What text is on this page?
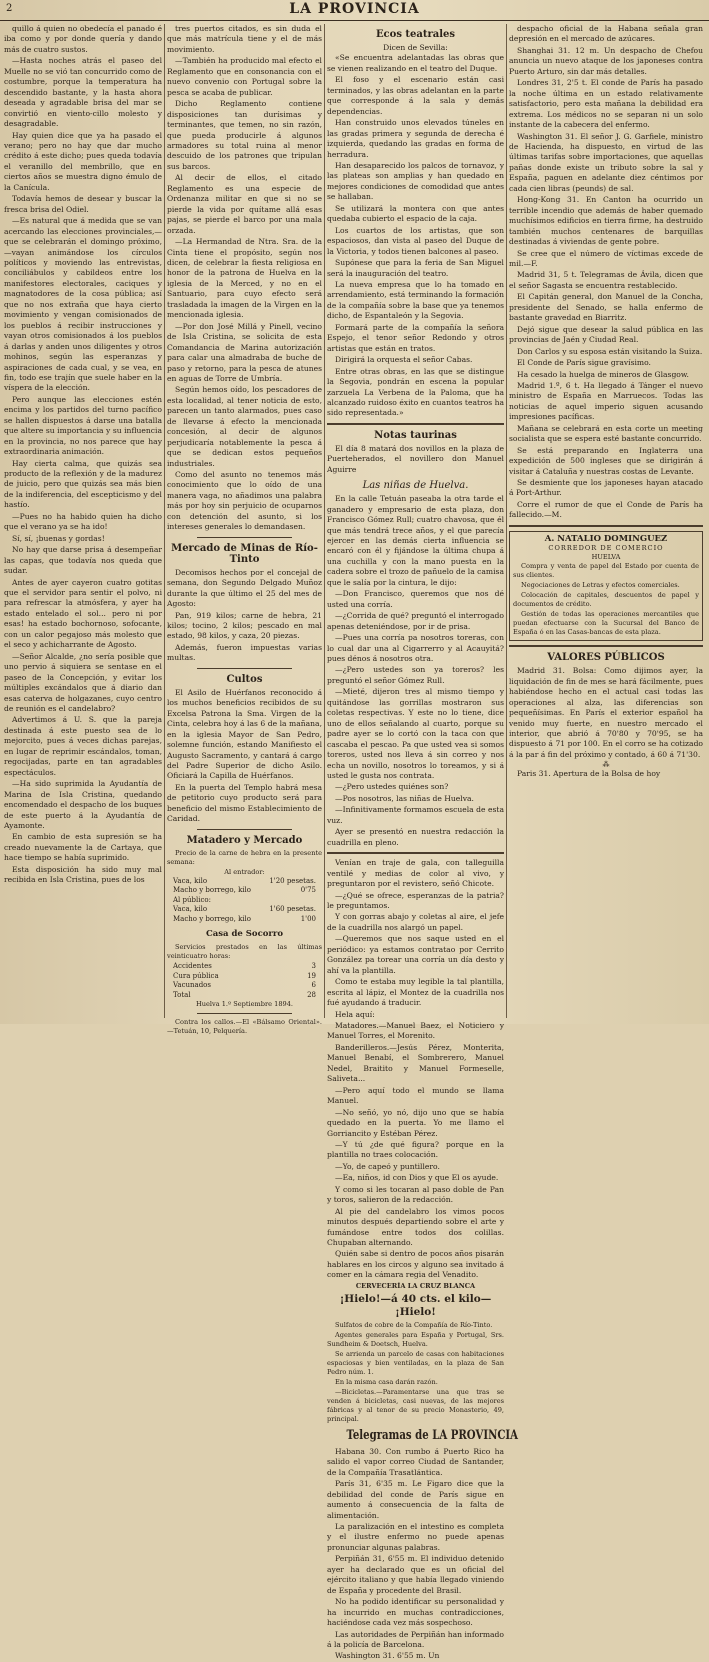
2	LA PROVINCIA

quillo á quien no obedecía el panado é iba como y por donde quería y dando más de cuatro sustos.

—Hasta noches atrás el paseo del Muelle no se vió tan concurrido como de costumbre, porque la temperatura ha descendido bastante, y la hasta ahora deseada y agradable brisa del mar se convirtió en viento-cillo molesto y desagradable.

Hay quien dice que ya ha pasado el verano; pero no hay que dar mucho crédito á este dicho; pues queda todavía el veranillo del membrillo, que en ciertos años se muestra digno émulo de la Canícula.

Todavía hemos de desear y buscar la fresca brisa del Odiel.

—Es natural que á medida que se van acercando las elecciones provinciales,—que se celebrarán el domingo próximo,—vayan animándose los círculos políticos y moviendo las entrevistas, conciliábulos y cabildeos entre los manifestores electorales, caciques y magnatodores de la cosa pública; así que no nos extraña que haya cierto movimiento y vengan comisionados de los pueblos á recibir instrucciones y vayan otros comisionados á los pueblos á darlas y anden unos diligentes y otros mohinos, según las esperanzas y aspiraciones de cada cual, y se vea, en fin, todo ese trajín que suele haber en la víspera de la elección.

Pero aunque las elecciones estén encima y los partidos del turno pacífico se hallen dispuestos á darse una batalla que altere su importancia y su influencia en la provincia, no nos parece que hay extraordinaria animación.

Hay cierta calma, que quizás sea producto de la reflexión y de la madurez de juicio, pero que quizás sea más bien de la indiferencia, del escepticismo y del hastío.

—Pues no ha habido quien ha dicho que el verano ya se ha ido!

Sí, sí, ¡buenas y gordas!

No hay que darse prisa á desempeñar las capas, que todavía nos queda que sudar.

Antes de ayer cayeron cuatro gotitas que el servidor para sentir el polvo, ni para refrescar la atmósfera, y ayer ha estado entelado el sol... pero ni por esas! ha estado bochornoso, sofocante, con un calor pegajoso más molesto que el seco y achicharrante de Agosto.

—Señor Alcalde, ¿no sería posible que uno pervio á siquiera se sentase en el paseo de la Concepción, y evitar los múltiples excándalos que á diario dan esas caterva de holgazanes, cuyo centro de reunión es el candelabro?

Advertimos á U. S. que la pareja destinada á este puesto sea de lo mejorcito, pues á veces dichas parejas, en lugar de reprimir escándalos, toman, regocijadas, parte en tan agradables espectáculos.

—Ha sido suprimida la Ayudantía de Marina de Isla Cristina, quedando encomendado el despacho de los buques de este puerto á la Ayudantía de Ayamonte.

En cambio de esta supresión se ha creado nuevamente la de Cartaya, que hace tiempo se había suprimido.

Esta disposición ha sido muy mal recibida en Isla Cristina, pues de los

tres puertos citados, es sin duda el que más matrícula tiene y el de más movimiento.

—También ha producido mal efecto el Reglamento que en consonancia con el nuevo convenio con Portugal sobre la pesca se acaba de publicar.

Dicho Reglamento contiene disposiciones tan durísimas y terminantes, que temen, no sin razón, que pueda producirle á algunos armadores su total ruina al menor descuido de los patrones que tripulan sus barcos.

Al decir de ellos, el citado Reglamento es una especie de Ordenanza militar en que si no se pierde la vida por quítame allá esas pajas, se pierde el barco por una mala orzada.

—La Hermandad de Ntra. Sra. de la Cinta tiene el propósito, según nos dicen, de celebrar la fiesta religiosa en honor de la patrona de Huelva en la iglesia de la Merced, y no en el Santuario, para cuyo efecto será trasladada la imagen de la Virgen en la mencionada iglesia.

—Por don José Millá y Pinell, vecino de Isla Cristina, se solicita de esta Comandancia de Marina autorización para calar una almadraba de buche de paso y retorno, para la pesca de atunes en aguas de Torre de Umbría.

Según hemos oído, los pescadores de esta localidad, al tener noticia de esto, parecen un tanto alarmados, pues caso de llevarse á efecto la mencionada concesión, al decir de algunos perjudicaría notablemente la pesca á que se dedican estos pequeños industriales.

Como del asunto no tenemos más conocimiento que lo oído de una manera vaga, no añadimos una palabra más por hoy sin perjuicio de ocuparnos con detención del asunto, si los intereses generales lo demandasen.

Mercado de Minas de Río-Tinto

Decomisos hechos por el concejal de semana, don Segundo Delgado Muñoz durante la que último el 25 del mes de Agosto:

Pan, 919 kilos; carne de hebra, 21 kilos; tocino, 2 kilos; pescado en mal estado, 98 kilos, y caza, 20 piezas.

Además, fueron impuestas varias multas.

Cultos

El Asilo de Huérfanos reconocido á los muchos beneficios recibidos de su Excelsa Patrona la Sma. Virgen de la Cinta, celebra hoy á las 6 de la mañana, en la iglesia Mayor de San Pedro, solemne función, estando Manifiesto el Augusto Sacramento, y cantará á cargo del Padre Superior de dicho Asilo. Oficiará la Capilla de Huérfanos.

En la puerta del Templo habrá mesa de petitorio cuyo producto será para beneficio del mismo Establecimiento de Caridad.

Matadero y Mercado

Precio de la carne de hebra en la presente semana:

Al entrador:
Vaca, kilo	1'20 pesetas.
Macho y borrego, kilo	0'75
Al público:
Vaca, kilo	1'60 pesetas.
Macho y borrego, kilo	1'00
Casa de Socorro

Servicios prestados en las últimas veinticuatro horas:

Accidentes	3
Cura pública	19
Vacunados	6
Total	28
Huelva 1.º Septiembre 1894.

Contra los callos.—El «Bálsamo Oriental».—Tetuán, 10, Pelquería.

Ecos teatrales
Dicen de Sevilla:

«Se encuentra adelantadas las obras que se vienen realizando en el teatro del Duque.

El foso y el escenario están casi terminados, y las obras adelantan en la parte que corresponde á la sala y demás dependencias.

Han construido unos elevados túneles en las gradas primera y segunda de derecha é izquierda, quedando las gradas en forma de herradura.

Han desaparecido los palcos de tornavoz, y las plateas son amplias y han quedado en mejores condiciones de comodidad que antes se hallaban.

Se utilizará la montera con que antes quedaba cubierto el espacio de la caja.

Los cuartos de los artistas, que son espaciosos, dan vista al paseo del Duque de la Victoria, y todos tienen balcones al paseo.

Supónese que para la feria de San Miguel será la inauguración del teatro.

La nueva empresa que lo ha tomado en arrendamiento, está terminando la formación de la compañía sobre la base que ya tenemos dicho, de Espantaleón y la Segovia.

Formará parte de la compañía la señora Espejo, el tenor señor Redondo y otros artistas que están en tratos.

Dirigirá la orquesta el señor Cabas.

Entre otras obras, en las que se distingue la Segovia, pondrán en escena la popular zarzuela La Verbena de la Paloma, que ha alcanzado ruidoso éxito en cuantos teatros ha sido representada.»

Notas taurinas

El día 8 matará dos novillos en la plaza de Puerteherados, el novillero don Manuel Aguirre

Las niñas de Huelva.

En la calle Tetuán paseaba la otra tarde el ganadero y empresario de esta plaza, don Francisco Gómez Rull; cuatro chavosa, que él que más tendrá trece años, y el que parecía ejercer en las demás cierta influencia se encaró con él y fijándose la última chupa á una cuchilla y con la mano puesta en la cadera sobre el trozo de pañuelo de la camisa que le salía por la cintura, le dijo:

—Don Francisco, queremos que nos dé usted una corría.

—¿Corrida de qué? preguntó el interrogado apenas deteniéndose, por ir de prisa.

—Pues una corría pa nosotros toreras, con lo cual dar una al Cigarrerro y al Acauyitá? pues dénos á nosotros otra.

—¿Pero ustedes son ya toreros? les preguntó el señor Gómez Rull.

—Mieté, dijeron tres al mismo tiempo y quitándose las gorrillas mostraron sus coletas respectivas. Y este no lo tiene, dice uno de ellos señalando al cuarto, porque su padre ayer se lo cortó con la taca con que cascaba el pescao. Pa que usted vea si somos toreros, usted nos lleva á sin correo y nos echa un novillo, nosotros lo toreamos, y si á usted le gusta nos contrata.

—¿Pero ustedes quiénes son?

—Pos nosotros, las niñas de Huelva.

—Infinitivamente formamos escuela de esta vuz.

Ayer se presentó en nuestra redacción la cuadrilla en pleno.

Venían en traje de gala, con talleguilla ventilé y medias de color al vivo, y preguntaron por el revistero, señó Chicote.

—¿Qué se ofrece, esperanzas de la patria? le preguntamos.

Y con gorras abajo y coletas al aire, el jefe de la cuadrilla nos alargó un papel.

—Queremos que nos saque usted en el periódico: ya estamos contratao por Cerrito González pa torear una corría un día desto y ahí va la plantilla.

Como te estaba muy legible la tal plantilla, escrita al lápiz, el Montez de la cuadrilla nos fué ayudando á traducir.

Hela aquí:

Matadores.—Manuel Baez, el Noticiero y Manuel Torres, el Morenito.

Banderilleros.—Jesús Pérez, Monterita, Manuel Benabí, el Sombrerero, Manuel Nedel, Braitito y Manuel Formeselle, Saliveta...

—Pero aquí todo el mundo se llama Manuel.

—No señó, yo nó, dijo uno que se había quedado en la puerta. Yo me llamo el Gorriancito y Estéban Pérez.

—Y tú ¿de qué figura? porque en la plantilla no traes colocación.

—Yo, de capeó y puntillero.

—Ea, niños, id con Dios y que El os ayude.

Y como si les tocaran al paso doble de Pan y toros, salieron de la redacción.

Al pie del candelabro los vimos pocos minutos después departiendo sobre el arte y fumándose entre todos dos colillas. Chupaban alternando.

Quién sabe si dentro de pocos años pisarán hablares en los circos y alguno sea invitado á comer en la cámara regia del Venadito.

CERVECERÍA LA CRUZ BLANCA
¡Hielo!—á 40 cts. el kilo—¡Hielo!

Sulfatos de cobre de la Compañía de Río-Tinto.

Agentes generales para España y Portugal, Srs. Sundheim & Doetsch, Huelva.

Se arrienda un parcelo de casas con habitaciones espaciosas y bien ventiladas, en la plaza de San Pedro núm. 1.

En la misma casa darán razón.

—Bicicletas.—Paramentarse una que tras se venden á bicicletas, casi nuevas, de las mejores fábricas y al tenor de su precio Monasterio, 49, principal.

Telegramas de LA PROVINCIA

Habana 30. Con rumbo á Puerto Rico ha salido el vapor correo Ciudad de Santander, de la Compañía Trasatlántica.

París 31, 6'35 m. Le Figaro dice que la debilidad del conde de París sigue en aumento á consecuencia de la falta de alimentación.

La paralización en el intestino es completa y el ilustre enfermo no puede apenas pronunciar algunas palabras.

Perpiñán 31, 6'55 m. El individuo detenido ayer ha declarado que es un oficial del ejército italiano y que había llegado viniendo de España y procedente del Brasil.

No ha podido identificar su personalidad y ha incurrido en muchas contradicciones, haciéndose cada vez más sospechoso.

Las autoridades de Perpiñán han informado á la policía de Barcelona.

Washington 31. 6'55 m. Un

despacho oficial de la Habana señala gran depresión en el mercado de azúcares.

Shanghai 31. 12 m. Un despacho de Chefou anuncia un nuevo ataque de los japoneses contra Puerto Arturo, sin dar más detalles.

Londres 31, 2'5 t. El conde de París ha pasado la noche última en un estado relativamente satisfactorio, pero esta mañana la debilidad era extrema. Los médicos no se separan ni un solo instante de la cabecera del enfermo.

Washington 31. El señor J. G. Garfiele, ministro de Hacienda, ha dispuesto, en virtud de las últimas tarifas sobre importaciones, que aquellas pañas donde existe un tributo sobre la sal y España, paguen en adelante diez céntimos por cada cien libras (peunds) de sal.

Hong-Kong 31. En Canton ha ocurrido un terrible incendio que además de haber quemado muchísimos edificios en tierra firme, ha destruido también muchos centenares de barquillas destinadas á viviendas de gente pobre.

Se cree que el número de víctimas excede de mil.—F.

Madrid 31, 5 t. Telegramas de Ávila, dicen que el señor Sagasta se encuentra restablecido.

El Capitán general, don Manuel de la Concha, presidente del Senado, se halla enfermo de bastante gravedad en Biarritz.

Dejó sigue que desear la salud pública en las provincias de Jaén y Ciudad Real.

Don Carlos y su esposa están visitando la Suiza.

El Conde de París sigue gravísimo.

Ha cesado la huelga de mineros de Glasgow.

Madrid 1.º, 6 t. Ha llegado á Tánger el nuevo ministro de España en Marruecos. Todas las noticias de aquel imperio siguen acusando impresiones pacíficas.

Mañana se celebrará en esta corte un meeting socialista que se espera esté bastante concurrido.

Se está preparando en Inglaterra una expedición de 500 ingleses que se dirigirán á visitar á Cataluña y nuestras costas de Levante.

Se desmiente que los japoneses hayan atacado á Port-Arthur.

Corre el rumor de que el Conde de París ha fallecido.—M.

A. NATALIO DOMINGUEZ
CORREDOR DE COMERCIO
HUELVA

Compra y venta de papel del Estado por cuenta de sus clientes.

Negociaciones de Letras y efectos comerciales.

Colocación de capitales, descuentos de papel y documentos de crédito.

Gestión de todas las operaciones mercantiles que puedan efectuarse con la Sucursal del Banco de España ó en las Casas-bancas de esta plaza.

VALORES PÚBLICOS

Madrid 31. Bolsa: Como dijimos ayer, la liquidación de fin de mes se hará fácilmente, pues habiéndose hecho en el actual casi todas las operaciones al alza, las diferencias son pequeñísimas. En París el exterior español ha venido muy fuerte, en nuestro mercado el interior, que abrió á 70'80 y 70'95, se ha dispuesto á 71 por 100. En el corro se ha cotizado á la par á fin del próximo y contado, á 60 á 71'30.

⁂

Paris 31. Apertura de la Bolsa de hoy
